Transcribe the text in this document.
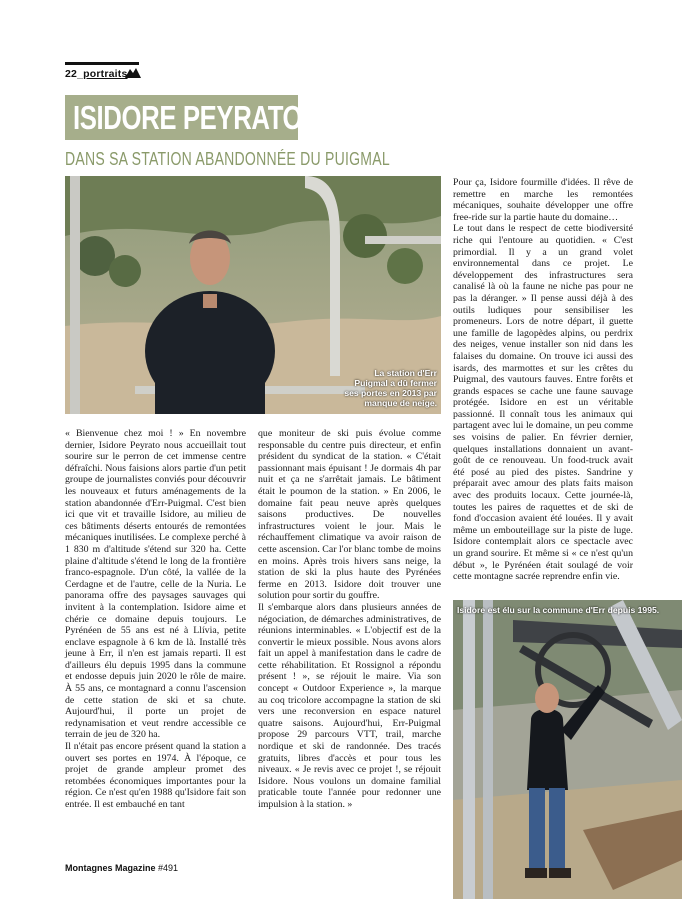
22_portraits
ISIDORE PEYRATO
DANS SA STATION ABANDONNÉE DU PUIGMAL
La station d'Err
Puigmal a dû fermer
ses portes en 2013 par
manque de neige.

« Bienvenue chez moi ! » En novembre dernier, Isidore Peyrato nous accueillait tout sourire sur le perron de cet immense centre défraîchi. Nous faisions alors partie d'un petit groupe de journalistes conviés pour découvrir les nouveaux et futurs aménagements de la station abandonnée d'Err-Puigmal. C'est bien ici que vit et travaille Isidore, au milieu de ces bâtiments déserts entourés de remontées mécaniques inutilisées. Le complexe perché à 1 830 m d'altitude s'étend sur 320 ha. Cette plaine d'altitude s'étend le long de la frontière franco-espagnole. D'un côté, la vallée de la Cerdagne et de l'autre, celle de la Nuria. Le panorama offre des paysages sauvages qui invitent à la contemplation. Isidore aime et chérie ce domaine depuis toujours. Le Pyrénéen de 55 ans est né à Llívia, petite enclave espagnole à 6 km de là. Installé très jeune à Err, il n'en est jamais reparti. Il est d'ailleurs élu depuis 1995 dans la commune et endosse depuis juin 2020 le rôle de maire. À 55 ans, ce montagnard a connu l'ascension de cette station de ski et sa chute. Aujourd'hui, il porte un projet de redynamisation et veut rendre accessible ce terrain de jeu de 320 ha.

Il n'était pas encore présent quand la station a ouvert ses portes en 1974. À l'époque, ce projet de grande ampleur promet des retombées économiques importantes pour la région. Ce n'est qu'en 1988 qu'Isidore fait son entrée. Il est embauché en tant

que moniteur de ski puis évolue comme responsable du centre puis directeur, et enfin président du syndicat de la station. « C'était passionnant mais épuisant ! Je dormais 4h par nuit et ça ne s'arrêtait jamais. Le bâtiment était le poumon de la station. » En 2006, le domaine fait peau neuve après quelques saisons productives. De nouvelles infrastructures voient le jour. Mais le réchauffement climatique va avoir raison de cette ascension. Car l'or blanc tombe de moins en moins. Après trois hivers sans neige, la station de ski la plus haute des Pyrénées ferme en 2013. Isidore doit trouver une solution pour sortir du gouffre.

Il s'embarque alors dans plusieurs années de négociation, de démarches administratives, de réunions interminables. « L'objectif est de la convertir le mieux possible. Nous avons alors fait un appel à manifestation dans le cadre de cette réhabilitation. Et Rossignol a répondu présent ! », se réjouit le maire. Via son concept « Outdoor Experience », la marque au coq tricolore accompagne la station de ski vers une reconversion en espace naturel quatre saisons. Aujourd'hui, Err-Puigmal propose 29 parcours VTT, trail, marche nordique et ski de randonnée. Des tracés gratuits, libres d'accès et pour tous les niveaux. « Je revis avec ce projet !, se réjouit Isidore. Nous voulons un domaine familial praticable toute l'année pour redonner une impulsion à la station. »

Pour ça, Isidore fourmille d'idées. Il rêve de remettre en marche les remontées mécaniques, souhaite développer une offre free-ride sur la partie haute du domaine…

Le tout dans le respect de cette biodiversité riche qui l'entoure au quotidien. « C'est primordial. Il y a un grand volet environnemental dans ce projet. Le développement des infrastructures sera canalisé là où la faune ne niche pas pour ne pas la déranger. » Il pense aussi déjà à des outils ludiques pour sensibiliser les promeneurs. Lors de notre départ, il guette une famille de lagopèdes alpins, ou perdrix des neiges, venue installer son nid dans les falaises du domaine. On trouve ici aussi des isards, des marmottes et sur les crêtes du Puigmal, des vautours fauves. Entre forêts et grands espaces se cache une faune sauvage protégée. Isidore en est un véritable passionné. Il connaît tous les animaux qui partagent avec lui le domaine, un peu comme ses voisins de palier. En février dernier, quelques installations donnaient un avant-goût de ce renouveau. Un food-truck avait été posé au pied des pistes. Sandrine y préparait avec amour des plats faits maison avec des produits locaux. Cette journée-là, toutes les paires de raquettes et de ski de fond d'occasion avaient été louées. Il y avait même un embouteillage sur la piste de luge. Isidore contemplait alors ce spectacle avec un grand sourire. Et même si « ce n'est qu'un début », le Pyrénéen était soulagé de voir cette montagne sacrée reprendre enfin vie.

Isidore est élu sur la commune d'Err depuis 1995.
Montagnes Magazine #491
